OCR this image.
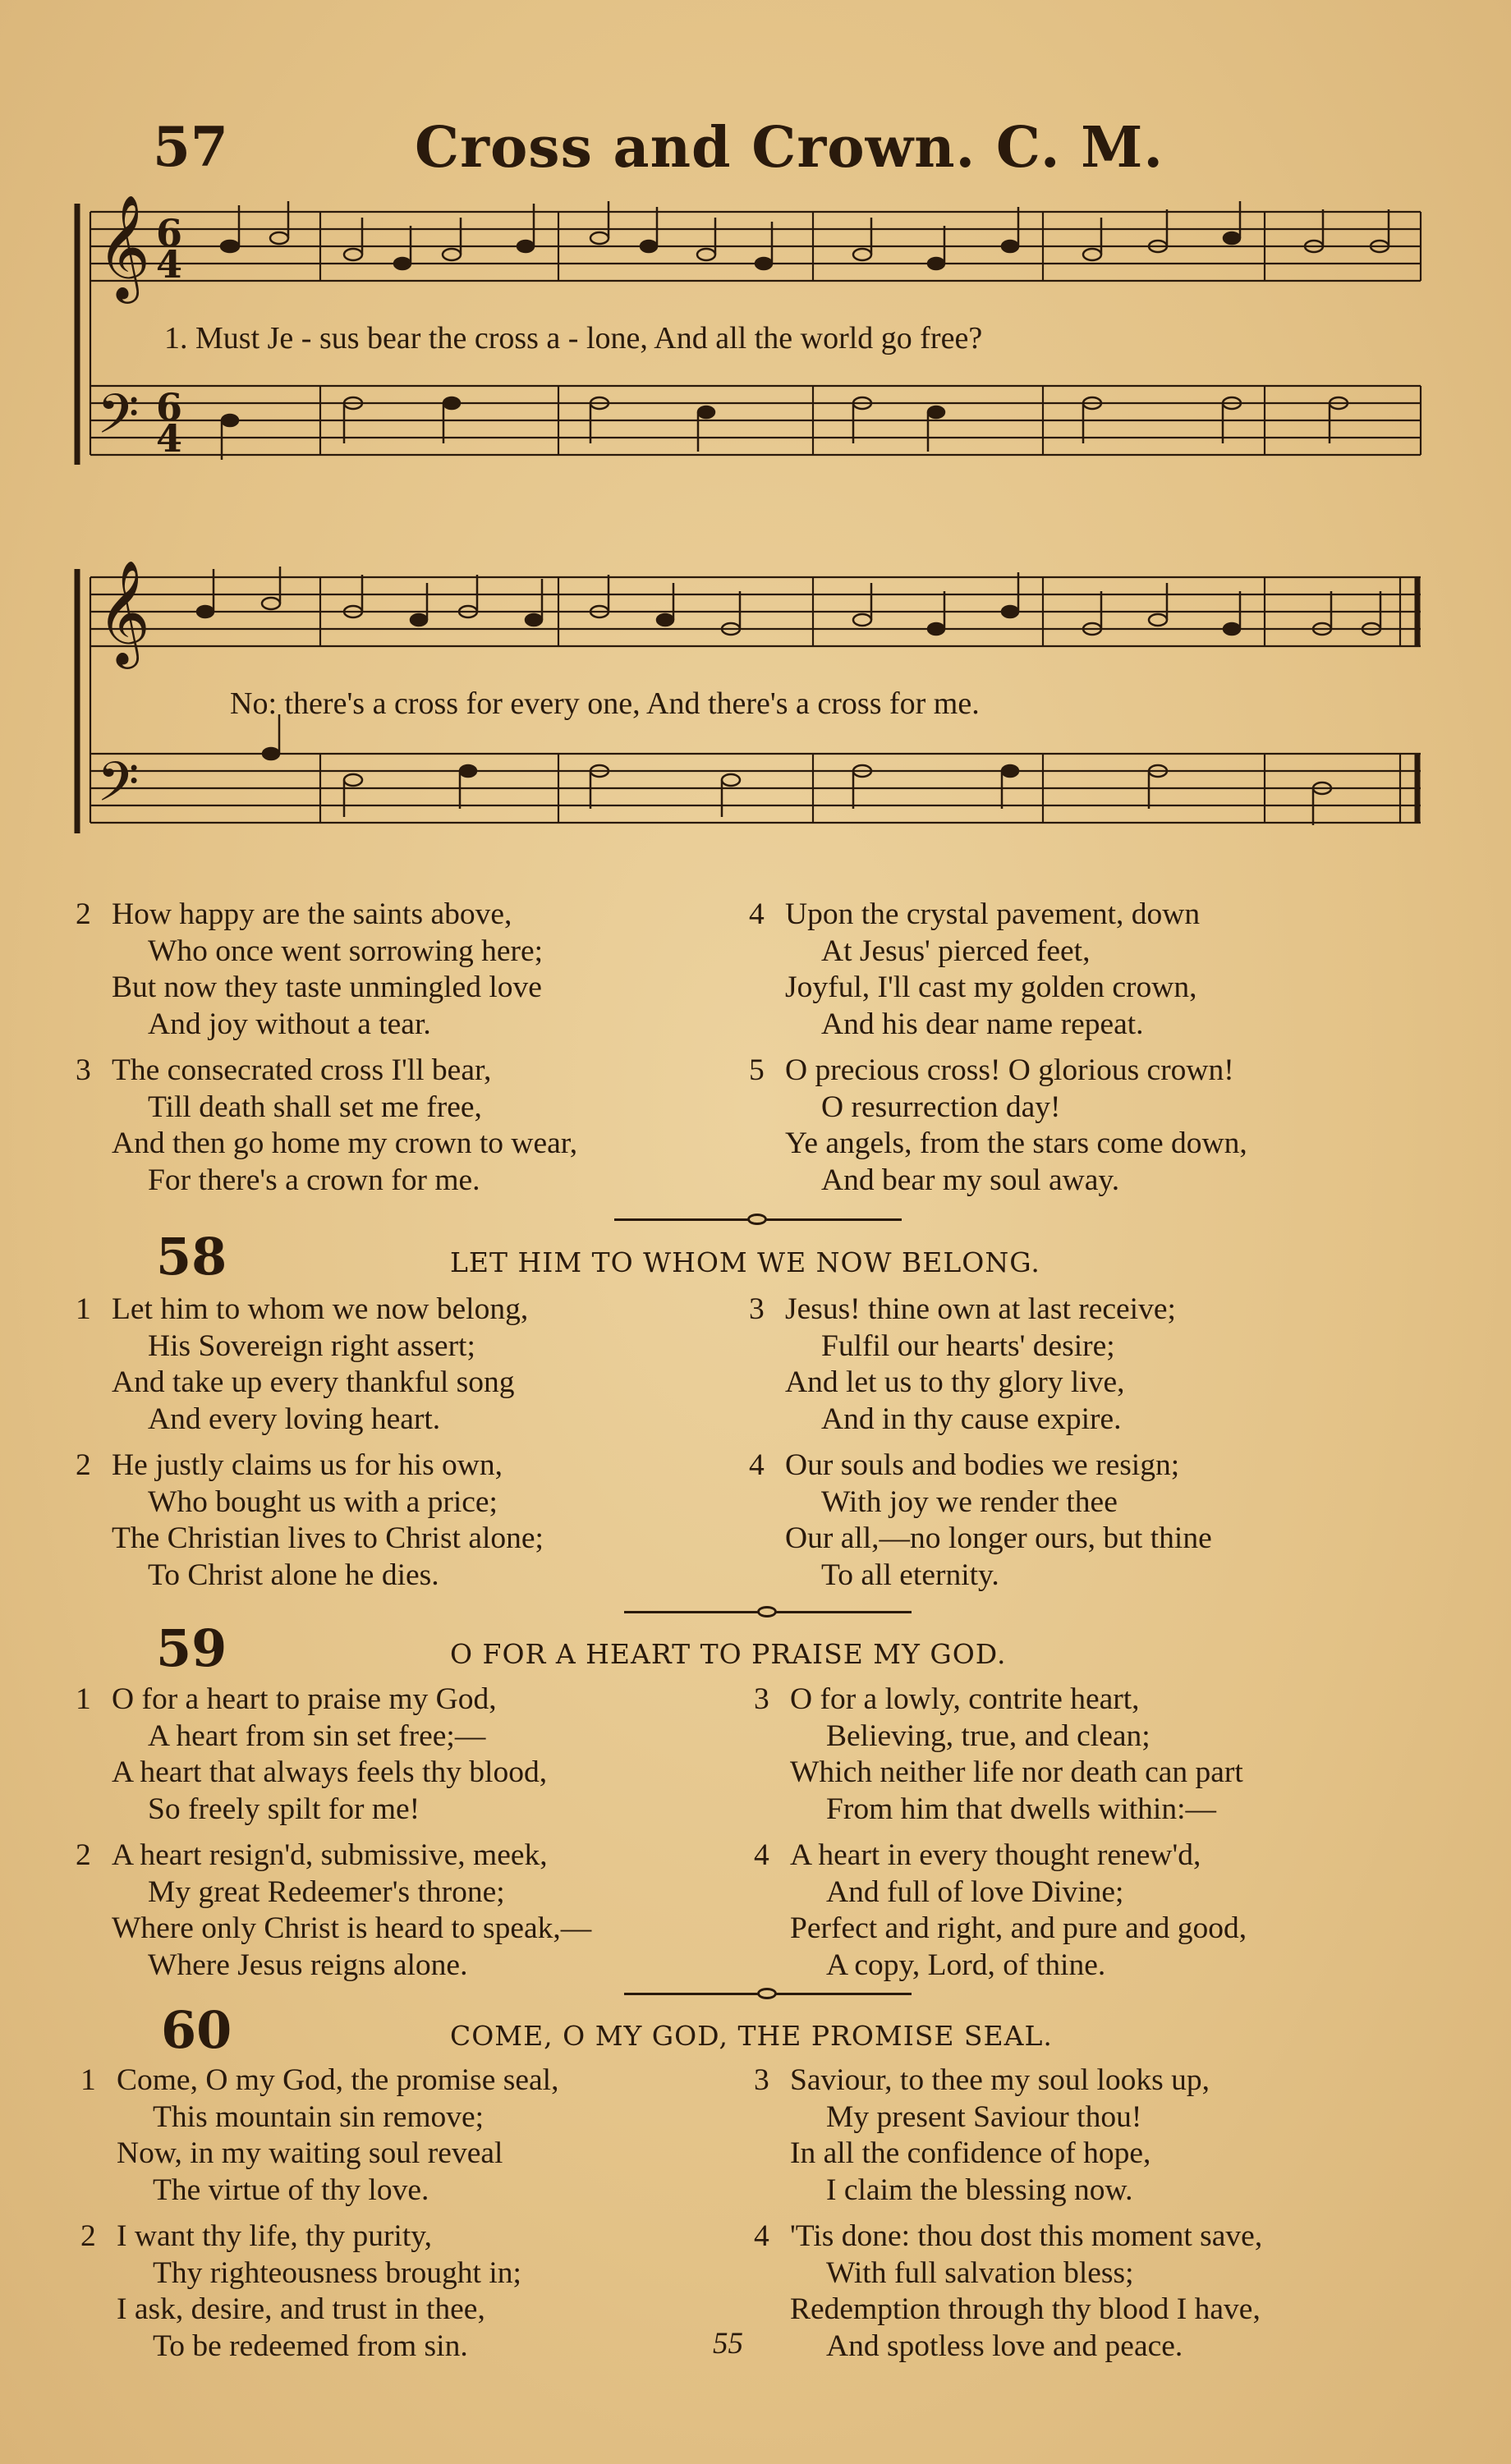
57	Cross and Crown. C. M.
𝄞
𝄢
6
4
6
4
1. Must Je - sus bear the cross a - lone, And all the world go free?
𝄞
𝄢
No: there's a cross for every one, And there's a cross for me.
2 How happy are the saints above,
Who once went sorrowing here;
But now they taste unmingled love
And joy without a tear.
3 The consecrated cross I'll bear,
Till death shall set me free,
And then go home my crown to wear,
For there's a crown for me.
4 Upon the crystal pavement, down
At Jesus' pierced feet,
Joyful, I'll cast my golden crown,
And his dear name repeat.
5 O precious cross! O glorious crown!
O resurrection day!
Ye angels, from the stars come down,
And bear my soul away.
58	LET HIM TO WHOM WE NOW BELONG.
1 Let him to whom we now belong,
His Sovereign right assert;
And take up every thankful song
And every loving heart.
2 He justly claims us for his own,
Who bought us with a price;
The Christian lives to Christ alone;
To Christ alone he dies.
3 Jesus! thine own at last receive;
Fulfil our hearts' desire;
And let us to thy glory live,
And in thy cause expire.
4 Our souls and bodies we resign;
With joy we render thee
Our all,—no longer ours, but thine
To all eternity.
59	O FOR A HEART TO PRAISE MY GOD.
1 O for a heart to praise my God,
A heart from sin set free;—
A heart that always feels thy blood,
So freely spilt for me!
2 A heart resign'd, submissive, meek,
My great Redeemer's throne;
Where only Christ is heard to speak,—
Where Jesus reigns alone.
3 O for a lowly, contrite heart,
Believing, true, and clean;
Which neither life nor death can part
From him that dwells within:—
4 A heart in every thought renew'd,
And full of love Divine;
Perfect and right, and pure and good,
A copy, Lord, of thine.
60	COME, O MY GOD, THE PROMISE SEAL.
1 Come, O my God, the promise seal,
This mountain sin remove;
Now, in my waiting soul reveal
The virtue of thy love.
2 I want thy life, thy purity,
Thy righteousness brought in;
I ask, desire, and trust in thee,
To be redeemed from sin.
3 Saviour, to thee my soul looks up,
My present Saviour thou!
In all the confidence of hope,
I claim the blessing now.
4 'Tis done: thou dost this moment save,
With full salvation bless;
Redemption through thy blood I have,
And spotless love and peace.
55
